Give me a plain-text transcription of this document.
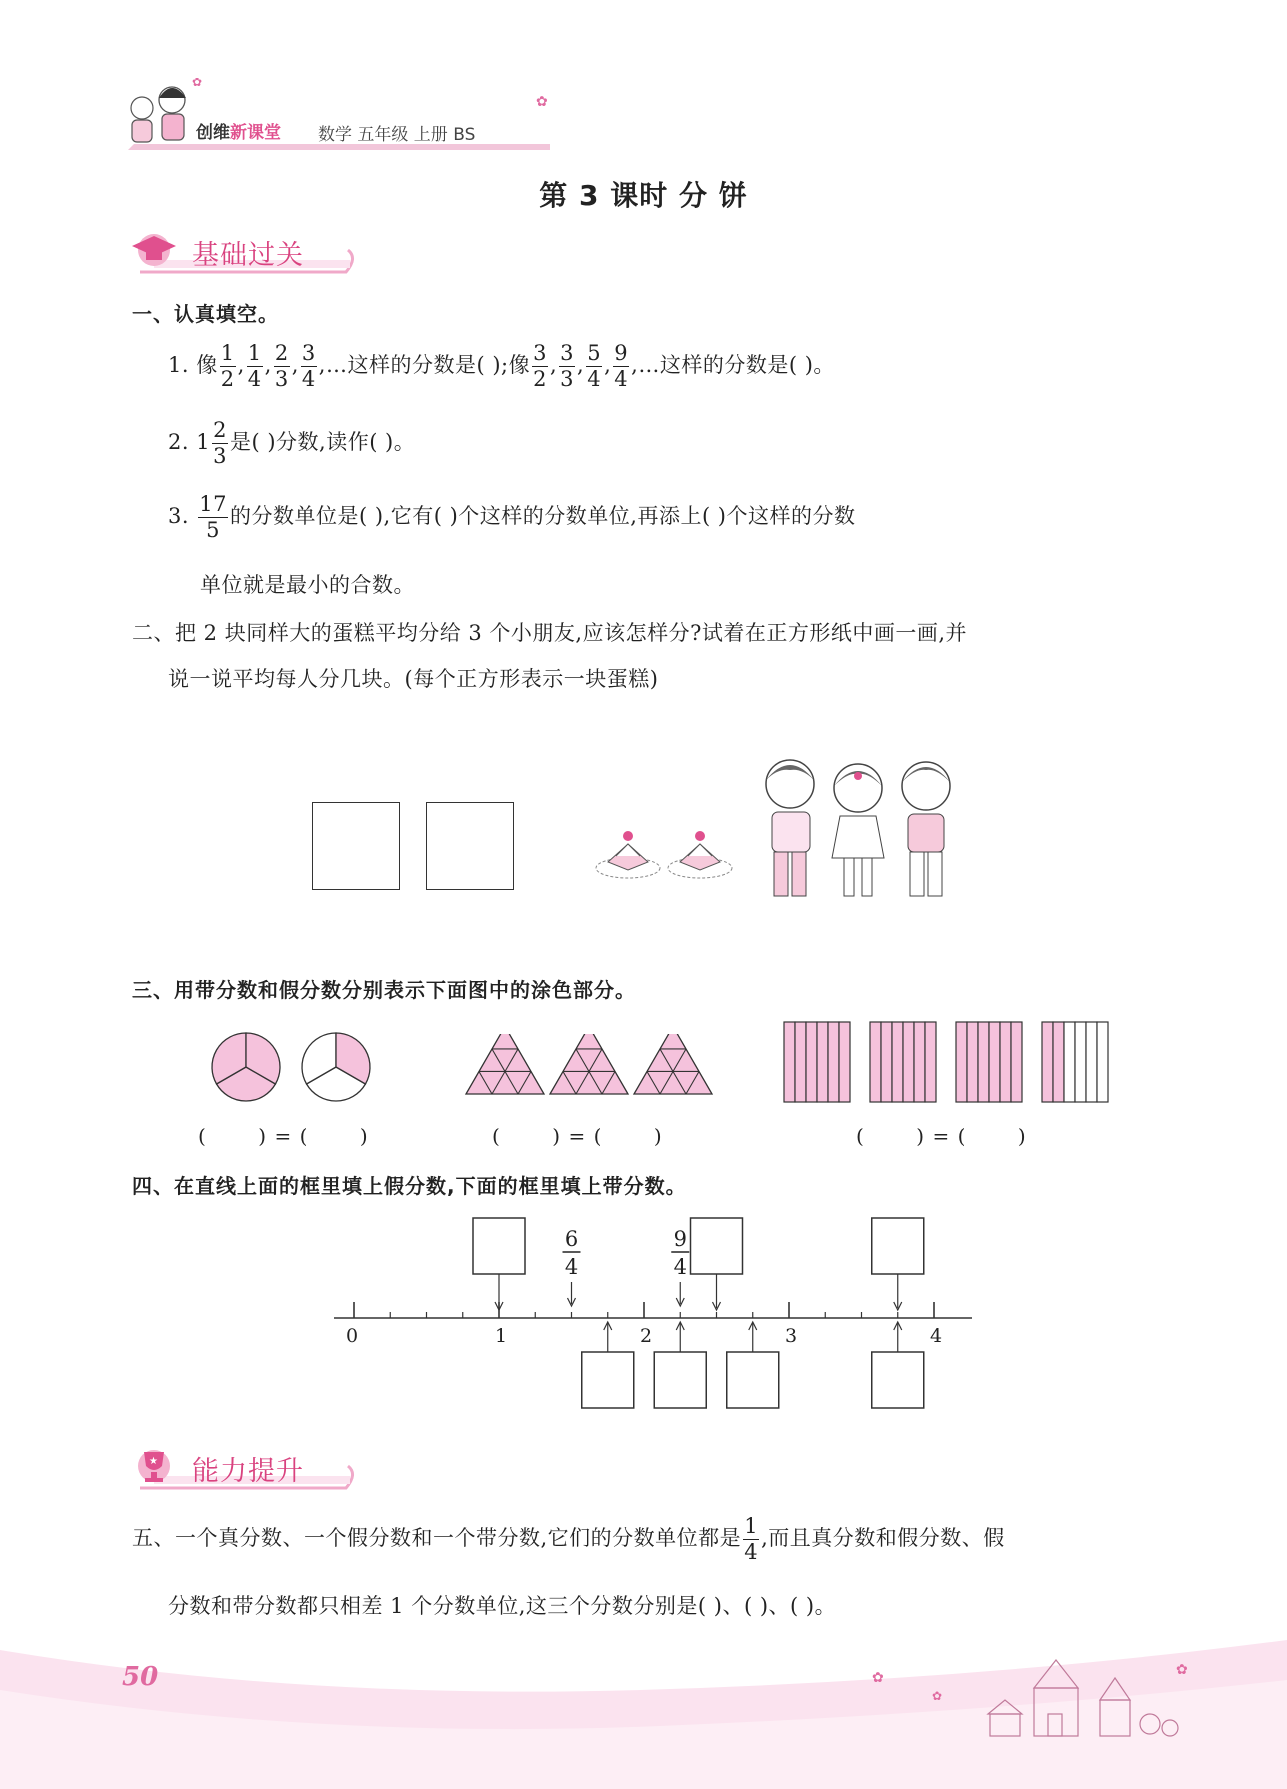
✿
✿
创维新课堂 数学 五年级 上册 BS
第 3 课时 分 饼
基础过关
一、认真填空。
1. 像 $\frac{1}{2}$ , $\frac{1}{4}$ , $\frac{2}{3}$ , $\frac{3}{4}$ ,…这样的分数是( );像 $\frac{3}{2}$ , $\frac{3}{3}$ , $\frac{5}{4}$ , $\frac{9}{4}$ ,…这样的分数是( )。
2. $1 \frac{2}{3}$ 是( )分数,读作( )。
3. $\frac{17}{5}$ 的分数单位是( ),它有( )个这样的分数单位,再添上( )个这样的分数
单位就是最小的合数。
二、把 2 块同样大的蛋糕平均分给 3 个小朋友,应该怎样分?试着在正方形纸中画一画,并
说一说平均每人分几块。(每个正方形表示一块蛋糕)
三、用带分数和假分数分别表示下面图中的涂色部分。
(       ) = (       )	(       ) = (       )	(       ) = (       )
四、在直线上面的框里填上假分数,下面的框里填上带分数。
0	1	2	3	4
6
4
9
4
★ 能力提升
五、一个真分数、一个假分数和一个带分数,它们的分数单位都是 $\frac{1}{4}$ ,而且真分数和假分数、假
分数和带分数都只相差 1 个分数单位,这三个分数分别是( )、( )、( )。
✿
✿
✿
50
